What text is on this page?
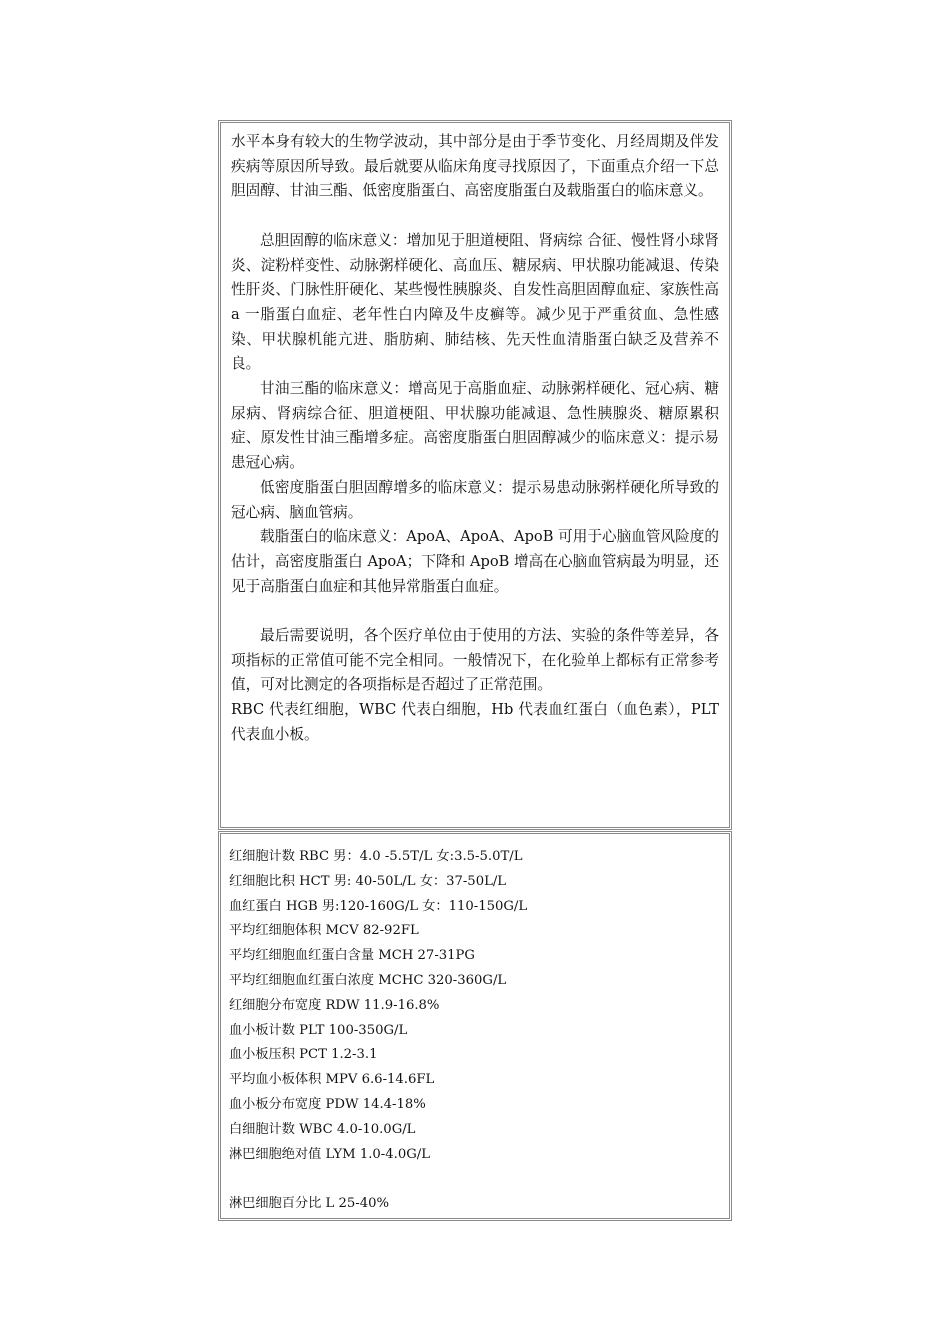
水平本身有较大的生物学波动，其中部分是由于季节变化、月经周期及伴发疾病等原因所导致。最后就要从临床角度寻找原因了，下面重点介绍一下总胆固醇、甘油三酯、低密度脂蛋白、高密度脂蛋白及载脂蛋白的临床意义。

总胆固醇的临床意义：增加见于胆道梗阻、肾病综 合征、慢性肾小球肾炎、淀粉样变性、动脉粥样硬化、高血压、糖尿病、甲状腺功能减退、传染性肝炎、门脉性肝硬化、某些慢性胰腺炎、自发性高胆固醇血症、家族性高 a 一脂蛋白血症、老年性白内障及牛皮癣等。减少见于严重贫血、急性感染、甲状腺机能亢进、脂肪痢、肺结核、先天性血清脂蛋白缺乏及营养不良。

甘油三酯的临床意义：增高见于高脂血症、动脉粥样硬化、冠心病、糖尿病、肾病综合征、胆道梗阻、甲状腺功能减退、急性胰腺炎、糖原累积症、原发性甘油三酯增多症。高密度脂蛋白胆固醇减少的临床意义：提示易患冠心病。

低密度脂蛋白胆固醇增多的临床意义：提示易患动脉粥样硬化所导致的冠心病、脑血管病。

载脂蛋白的临床意义：ApoA、ApoA、ApoB 可用于心脑血管风险度的估计，高密度脂蛋白 ApoA；下降和 ApoB 增高在心脑血管病最为明显，还见于高脂蛋白血症和其他异常脂蛋白血症。

最后需要说明，各个医疗单位由于使用的方法、实验的条件等差异，各项指标的正常值可能不完全相同。一般情况下，在化验单上都标有正常参考值，可对比测定的各项指标是否超过了正常范围。

RBC 代表红细胞，WBC 代表白细胞，Hb 代表血红蛋白（血色素），PLT 代表血小板。

红细胞计数 RBC 男：4.0 -5.5T/L 女:3.5-5.0T/L
红细胞比积 HCT 男: 40-50L/L 女：37-50L/L
血红蛋白 HGB 男:120-160G/L 女：110-150G/L
平均红细胞体积 MCV 82-92FL
平均红细胞血红蛋白含量 MCH 27-31PG
平均红细胞血红蛋白浓度 MCHC 320-360G/L
红细胞分布宽度 RDW 11.9-16.8%
血小板计数 PLT 100-350G/L
血小板压积 PCT 1.2-3.1
平均血小板体积 MPV 6.6-14.6FL
血小板分布宽度 PDW 14.4-18%
白细胞计数 WBC 4.0-10.0G/L
淋巴细胞绝对值 LYM 1.0-4.0G/L
淋巴细胞百分比 L 25-40%
